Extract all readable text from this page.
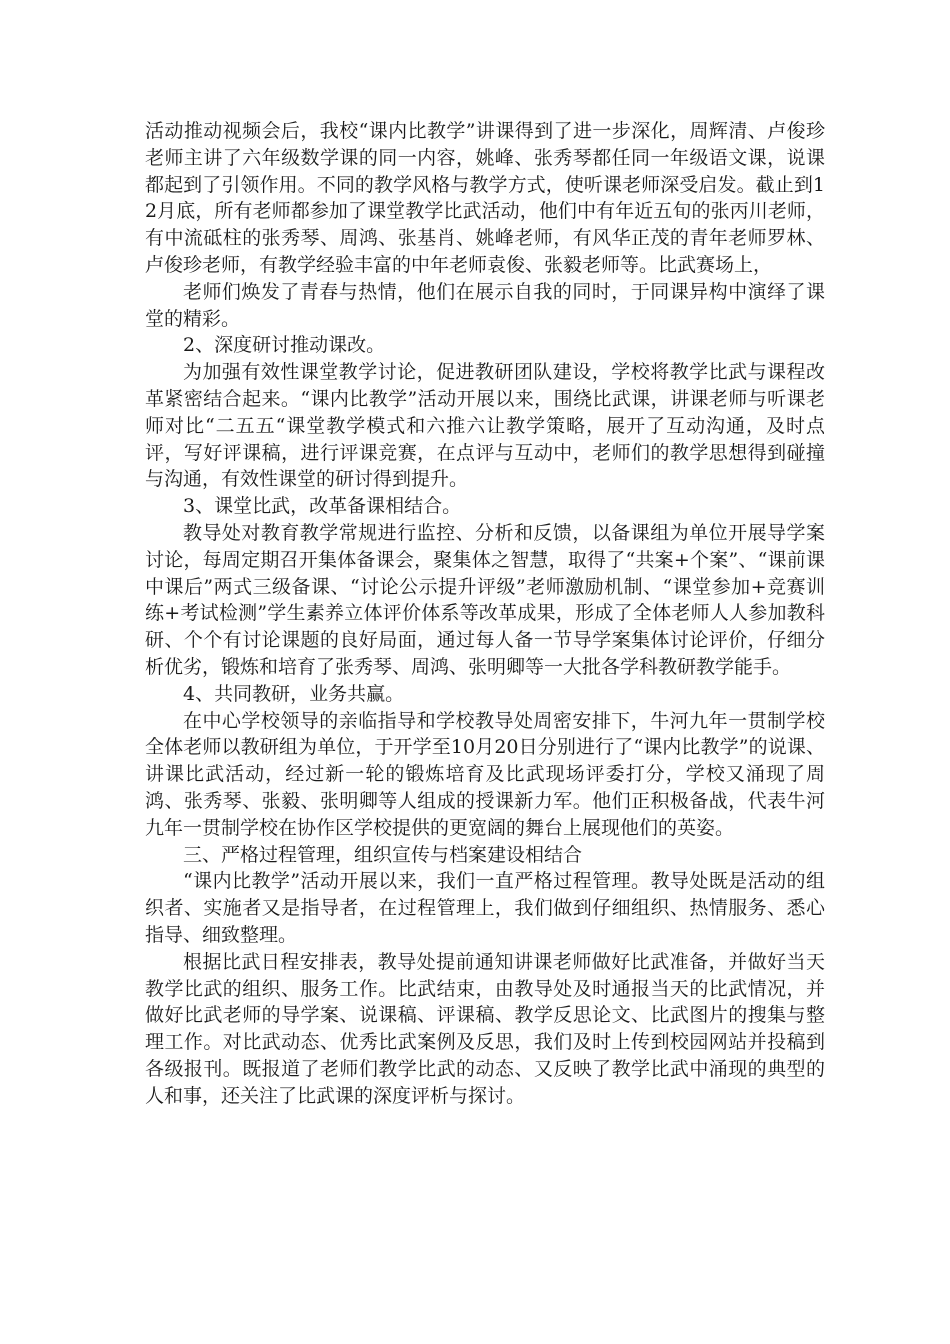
活动推动视频会后，我校“课内比教学”讲课得到了进一步深化，周辉清、卢俊珍老师主讲了六年级数学课的同一内容，姚峰、张秀琴都任同一年级语文课，说课都起到了引领作用。不同的教学风格与教学方式，使听课老师深受启发。截止到12月底，所有老师都参加了课堂教学比武活动，他们中有年近五旬的张丙川老师，有中流砥柱的张秀琴、周鸿、张基肖、姚峰老师，有风华正茂的青年老师罗林、卢俊珍老师，有教学经验丰富的中年老师袁俊、张毅老师等。比武赛场上，

老师们焕发了青春与热情，他们在展示自我的同时，于同课异构中演绎了课堂的精彩。

2、深度研讨推动课改。

为加强有效性课堂教学讨论，促进教研团队建设，学校将教学比武与课程改革紧密结合起来。“课内比教学”活动开展以来，围绕比武课，讲课老师与听课老师对比“二五五“课堂教学模式和六推六让教学策略，展开了互动沟通，及时点评，写好评课稿，进行评课竞赛，在点评与互动中，老师们的教学思想得到碰撞与沟通，有效性课堂的研讨得到提升。

3、课堂比武，改革备课相结合。

教导处对教育教学常规进行监控、分析和反馈，以备课组为单位开展导学案讨论，每周定期召开集体备课会，聚集体之智慧，取得了“共案+个案”、“课前课中课后”两式三级备课、“讨论公示提升评级”老师激励机制、“课堂参加+竞赛训练+考试检测”学生素养立体评价体系等改革成果，形成了全体老师人人参加教科研、个个有讨论课题的良好局面，通过每人备一节导学案集体讨论评价，仔细分析优劣，锻炼和培育了张秀琴、周鸿、张明卿等一大批各学科教研教学能手。

4、共同教研，业务共赢。

在中心学校领导的亲临指导和学校教导处周密安排下，牛河九年一贯制学校全体老师以教研组为单位，于开学至10月20日分别进行了“课内比教学”的说课、讲课比武活动，经过新一轮的锻炼培育及比武现场评委打分，学校又涌现了周鸿、张秀琴、张毅、张明卿等人组成的授课新力军。他们正积极备战，代表牛河九年一贯制学校在协作区学校提供的更宽阔的舞台上展现他们的英姿。

三、严格过程管理，组织宣传与档案建设相结合

“课内比教学”活动开展以来，我们一直严格过程管理。教导处既是活动的组织者、实施者又是指导者，在过程管理上，我们做到仔细组织、热情服务、悉心指导、细致整理。

根据比武日程安排表，教导处提前通知讲课老师做好比武准备，并做好当天教学比武的组织、服务工作。比武结束，由教导处及时通报当天的比武情况，并做好比武老师的导学案、说课稿、评课稿、教学反思论文、比武图片的搜集与整理工作。对比武动态、优秀比武案例及反思，我们及时上传到校园网站并投稿到各级报刊。既报道了老师们教学比武的动态、又反映了教学比武中涌现的典型的人和事，还关注了比武课的深度评析与探讨。
